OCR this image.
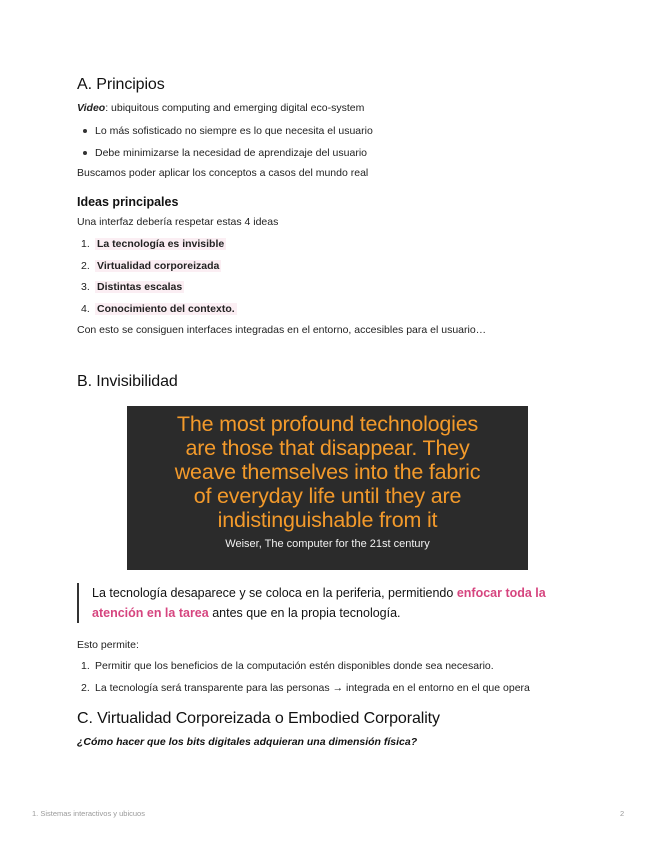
A. Principios
Video: ubiquitous computing and emerging digital eco-system
Lo más sofisticado no siempre es lo que necesita el usuario
Debe minimizarse la necesidad de aprendizaje del usuario
Buscamos poder aplicar los conceptos a casos del mundo real
Ideas principales
Una interfaz debería respetar estas 4 ideas
1. La tecnología es invisible
2. Virtualidad corporeizada
3. Distintas escalas
4. Conocimiento del contexto.
Con esto se consiguen interfaces integradas en el entorno, accesibles para el usuario…
B. Invisibilidad
The most profound technologies
are those that disappear. They
weave themselves into the fabric
of everyday life until they are
indistinguishable from it
Weiser, The computer for the 21st century
La tecnología desaparece y se coloca en la periferia, permitiendo enfocar toda la atención en la tarea antes que en la propia tecnología.
Esto permite:
1. Permitir que los beneficios de la computación estén disponibles donde sea necesario.
2. La tecnología será transparente para las personas → integrada en el entorno en el que opera
C. Virtualidad Corporeizada o Embodied Corporality
¿Cómo hacer que los bits digitales adquieran una dimensión física?
1. Sistemas interactivos y ubicuos	2
